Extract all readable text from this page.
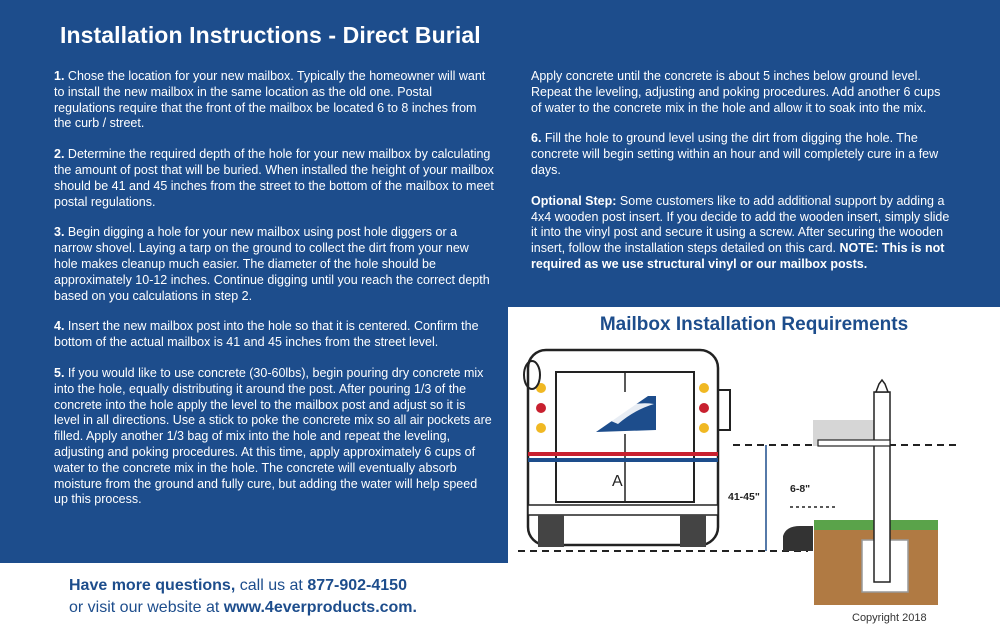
Installation Instructions - Direct Burial

1. Chose the location for your new mailbox. Typically the homeowner will want to install the new mailbox in the same location as the old one. Postal regulations require that the front of the mailbox be located 6 to 8 inches from the curb / street.

2. Determine the required depth of the hole for your new mailbox by calculating the amount of post that will be buried. When installed the height of your mailbox should be 41 and 45 inches from the street to the bottom of the mailbox to meet postal regulations.

3. Begin digging a hole for your new mailbox using post hole diggers or a narrow shovel. Laying a tarp on the ground to collect the dirt from your new hole makes cleanup much easier. The diameter of the hole should be approximately 10-12 inches. Continue digging until you reach the correct depth based on you calculations in step 2.

4. Insert the new mailbox post into the hole so that it is centered. Confirm the bottom of the actual mailbox is 41 and 45 inches from the street level.

5. If you would like to use concrete (30-60lbs), begin pouring dry concrete mix into the hole, equally distributing it around the post. After pouring 1/3 of the concrete into the hole apply the level to the mailbox post and adjust so it is level in all directions. Use a stick to poke the concrete mix so all air pockets are filled. Apply another 1/3 bag of mix into the hole and repeat the leveling, adjusting and poking procedures. At this time, apply approximately 6 cups of water to the concrete mix in the hole. The concrete will eventually absorb moisture from the ground and fully cure, but adding the water will help speed up this process.

Apply concrete until the concrete is about 5 inches below ground level. Repeat the leveling, adjusting and poking procedures. Add another 6 cups of water to the concrete mix in the hole and allow it to soak into the mix.

6. Fill the hole to ground level using the dirt from digging the hole. The concrete will begin setting within an hour and will completely cure in a few days.

Optional Step: Some customers like to add additional support by adding a 4x4 wooden post insert. If you decide to add the wooden insert, simply slide it into the vinyl post and secure it using a screw. After securing the wooden insert, follow the installation steps detailed on this card. NOTE: This is not required as we use structural vinyl or our mailbox posts.

Mailbox Installation Requirements
A
41-45"
6-8"
Have more questions, call us at 877-902-4150
or visit our website at www.4everproducts.com.
Copyright 2018
